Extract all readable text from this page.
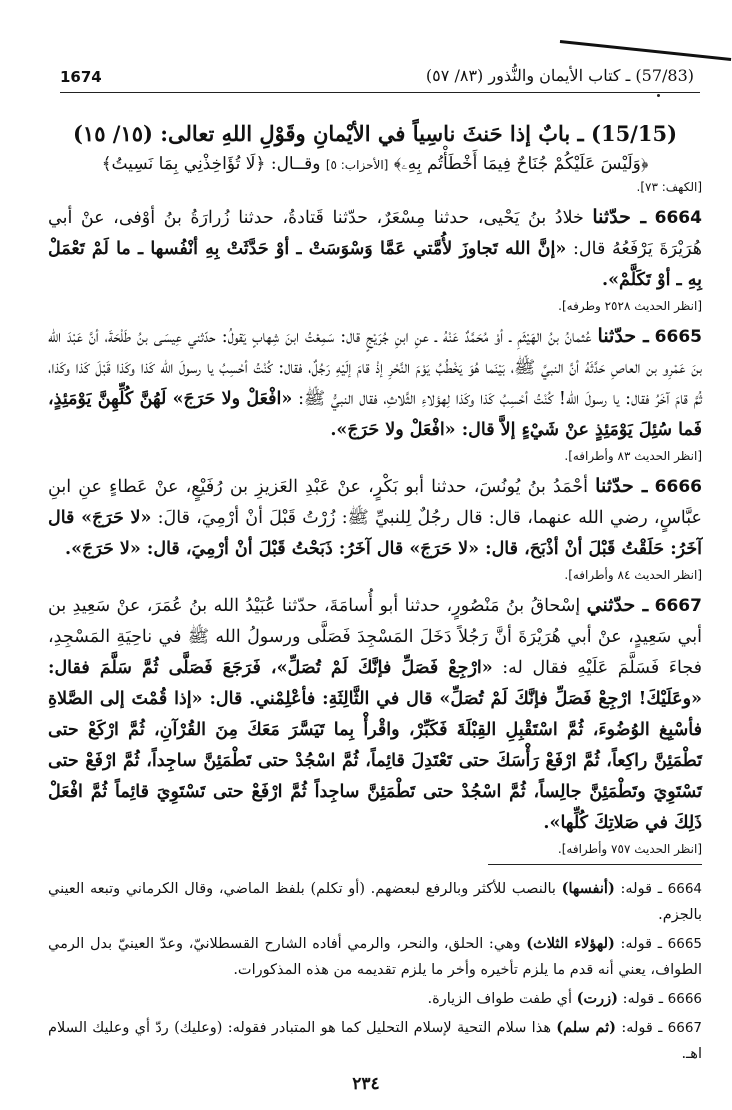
1674	(57/83) ـ كتاب الأيمان والنُّذور (٨٣/ ٥٧)
(15/15) ـ بابٌ إذا حَنثَ ناسِياً في الأيْمانِ وقَوْلِ اللهِ تعالى: (١٥/ ١٥)
﴿وَلَيْسَ عَلَيْكُمْ جُنَاحٌ فِيمَا أَخْطَأْتُم بِهِۦ﴾ [الأحزاب: ٥] وقــال: ﴿لَا تُؤَاخِذْنِي بِمَا نَسِيتُ﴾
[الكهف: ٧٣].
6664 ـ حدّثنا خلادُ بنُ يَحْيى، حدثنا مِسْعَرٌ، حدّثنا قَتادةُ، حدثنا زُرارَةُ بنُ أوْفى، عنْ أبي هُرَيْرَةَ يَرْفَعُهُ قال: «إنَّ الله تَجاوزَ لأُمَّتي عَمَّا وَسْوَسَتْ ـ أوْ حَدَّثَتْ بِهِ أنْفُسها ـ ما لَمْ تَعْمَلْ بِهِ ـ أوْ تَكَلَّمْ».
[انظر الحديث ٢٥٢٨ وطرفه].
6665 ـ حدّثنا عُثمانُ بنُ الهَيْثَمِ ـ أوْ مُحَمَّدٌ عَنْهُ ـ عنِ ابنِ جُرَيْجٍ قال: سَمِعْتُ ابنَ شِهابٍ يَقولُ: حدّثني عِيسَى بنُ طَلْحَةَ، أنَّ عَبْدَ الله بنَ عَمْرِو بن العاصِ حَدَّثَهُ أنَّ النبيَّ ﷺ، بَيْنَما هُوَ يَخْطُبُ يَوْمَ النَّحْرِ إذْ قامَ إلَيْهِ رَجُلٌ، فقال: كُنْتُ أحْسِبُ يا رسولَ الله كَذا وكَذا قَبْلَ كَذا وكَذا، ثُمَّ قامَ آخَرُ فقال: يا رسولَ الله! كُنْتُ أحْسِبُ كَذا وكَذا لِهؤلاءِ الثَّلاثِ، فقال النبيُّ ﷺ: «افْعَلْ ولا حَرَجَ» لَهُنَّ كُلِّهِنَّ يَوْمَئِذٍ، فَما سُئِلَ يَوْمَئِذٍ عنْ شَيْءٍ إلاَّ قال: «افْعَلْ ولا حَرَجَ».
[انظر الحديث ٨٣ وأطرافه].
6666 ـ حدّثنا أحْمَدُ بنُ يُونُسَ، حدثنا أبو بَكْرٍ، عنْ عَبْدِ العَزيزِ بن رُفَيْعٍ، عنْ عَطاءٍ عنِ ابنِ عبَّاسٍ، رضي الله عنهما، قال: قال رجُلٌ لِلنبيِّ ﷺ: زُرْتُ قَبْلَ أنْ أرْمِيَ، قالَ: «لا حَرَجَ» قال آخَرُ: حَلَقْتُ قَبْلَ أنْ أذْبَحَ، قال: «لا حَرَجَ» قال آخَرُ: ذَبَحْتُ قَبْلَ أنْ أرْمِيَ، قال: «لا حَرَجَ».
[انظر الحديث ٨٤ وأطرافه].
6667 ـ حدّثني إسْحاقُ بنُ مَنْصُورٍ، حدثنا أبو أُسامَةَ، حدّثنا عُبَيْدُ الله بنُ عُمَرَ، عنْ سَعِيدِ بن أبي سَعِيدٍ، عنْ أبي هُرَيْرَةَ أنَّ رَجُلاً دَخَلَ المَسْجِدَ فَصَلَّى ورسولُ الله ﷺ في ناحِيَةِ المَسْجِدِ، فجاءَ فَسَلَّمَ عَلَيْهِ فقال له: «ارْجِعْ فَصَلِّ فإنَّكَ لَمْ تُصَلِّ»، فَرَجَعَ فَصَلَّى ثُمَّ سَلَّمَ فقال: «وعَلَيْكَ! ارْجِعْ فَصَلِّ فإنَّكَ لَمْ تُصَلِّ» قال في الثَّالِثَةِ: فأعْلِمْني. قال: «إذا قُمْتَ إلى الصَّلاةِ فأسْبِغ الوُضُوءَ، ثُمَّ اسْتَقْبِلِ القِبْلَةَ فَكَبِّرْ، واقْرأْ بِما تَيَسَّرَ مَعَكَ مِنَ القُرْآنِ، ثُمَّ ارْكَعْ حتى تَطْمَئِنَّ راكِعاً، ثُمَّ ارْفَعْ رَأْسَكَ حتى تَعْتَدِلَ قائِماً، ثُمَّ اسْجُدْ حتى تَطْمَئِنَّ ساجِداً، ثُمَّ ارْفَعْ حتى تَسْتَوِيَ وتَطْمَئِنَّ جالِساً، ثُمَّ اسْجُدْ حتى تَطْمَئِنَّ ساجِداً ثُمَّ ارْفَعْ حتى تَسْتَوِيَ قائِماً ثُمَّ افْعَلْ ذَلِكَ في صَلاتِكَ كُلِّها».
[انظر الحديث ٧٥٧ وأطرافه].

6664 ـ قوله: (أنفسها) بالنصب للأكثر وبالرفع لبعضهم. (أو تكلم) بلفظ الماضي، وقال الكرماني وتبعه العيني بالجزم.

6665 ـ قوله: (لهؤلاء الثلاث) وهي: الحلق، والنحر، والرمي أفاده الشارح القسطلانيّ، وعدّ العينيّ بدل الرمي الطواف، يعني أنه قدم ما يلزم تأخيره وأخر ما يلزم تقديمه من هذه المذكورات.

6666 ـ قوله: (زرت) أي طفت طواف الزيارة.

6667 ـ قوله: (ثم سلم) هذا سلام التحية لإسلام التحليل كما هو المتبادر فقوله: (وعليك) ردّ أي وعليك السلام اهـ.

٢٣٤
